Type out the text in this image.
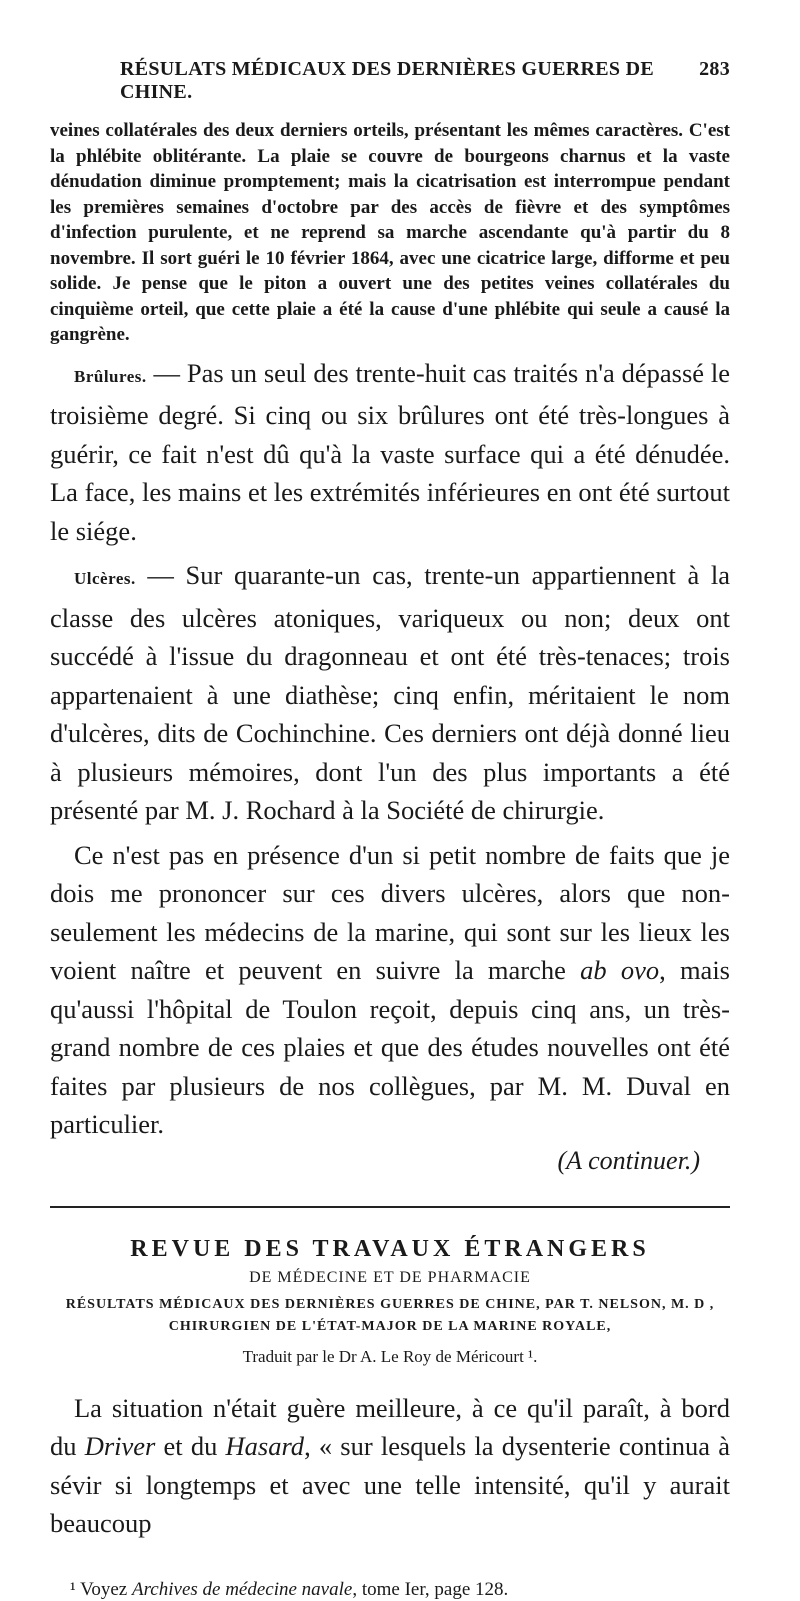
RÉSULATS MÉDICAUX DES DERNIÈRES GUERRES DE CHINE.
283

veines collatérales des deux derniers orteils, présentant les mêmes caractères. C'est la phlébite oblitérante. La plaie se couvre de bourgeons charnus et la vaste dénudation diminue promptement; mais la cicatrisation est interrompue pendant les premières semaines d'octobre par des accès de fièvre et des symptômes d'infection purulente, et ne reprend sa marche ascendante qu'à partir du 8 novembre. Il sort guéri le 10 février 1864, avec une cicatrice large, difforme et peu solide. Je pense que le piton a ouvert une des petites veines collatérales du cinquième orteil, que cette plaie a été la cause d'une phlébite qui seule a causé la gangrène.

Brûlures. — Pas un seul des trente-huit cas traités n'a dépassé le troisième degré. Si cinq ou six brûlures ont été très-longues à guérir, ce fait n'est dû qu'à la vaste surface qui a été dénudée. La face, les mains et les extrémités inférieures en ont été surtout le siége.

Ulcères. — Sur quarante-un cas, trente-un appartiennent à la classe des ulcères atoniques, variqueux ou non; deux ont succédé à l'issue du dragonneau et ont été très-tenaces; trois appartenaient à une diathèse; cinq enfin, méritaient le nom d'ulcères, dits de Cochinchine. Ces derniers ont déjà donné lieu à plusieurs mémoires, dont l'un des plus importants a été présenté par M. J. Rochard à la Société de chirurgie.

Ce n'est pas en présence d'un si petit nombre de faits que je dois me prononcer sur ces divers ulcères, alors que non-seulement les médecins de la marine, qui sont sur les lieux les voient naître et peuvent en suivre la marche ab ovo, mais qu'aussi l'hôpital de Toulon reçoit, depuis cinq ans, un très-grand nombre de ces plaies et que des études nouvelles ont été faites par plusieurs de nos collègues, par M. M. Duval en particulier.

(A continuer.)
REVUE DES TRAVAUX ÉTRANGERS
DE MÉDECINE ET DE PHARMACIE
RÉSULTATS MÉDICAUX DES DERNIÈRES GUERRES DE CHINE, PAR T. NELSON, M. D ,
CHIRURGIEN DE L'ÉTAT-MAJOR DE LA MARINE ROYALE,
Traduit par le Dr A. Le Roy de Méricourt ¹.

La situation n'était guère meilleure, à ce qu'il paraît, à bord du Driver et du Hasard, « sur lesquels la dysenterie continua à sévir si longtemps et avec une telle intensité, qu'il y aurait beaucoup

¹ Voyez Archives de médecine navale, tome Ier, page 128.
